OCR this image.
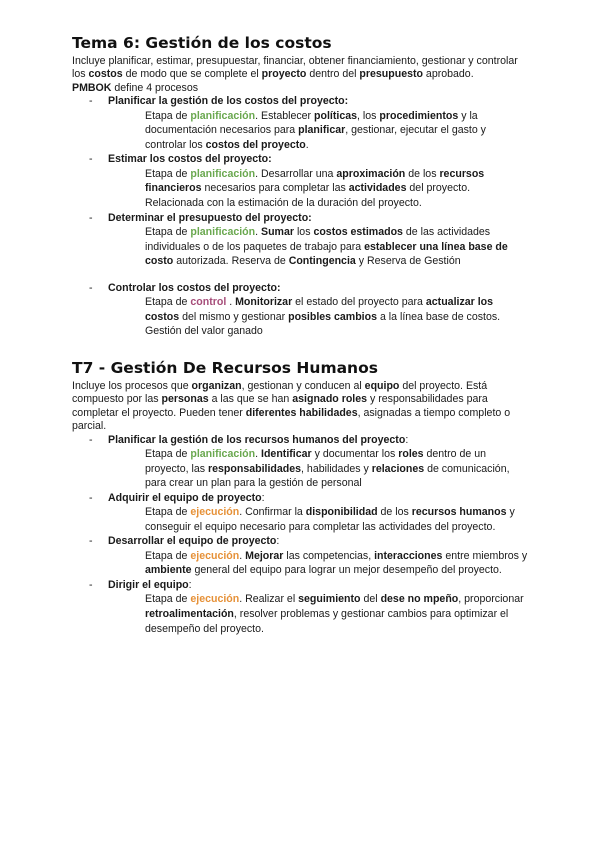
Tema 6: Gestión de los costos

Incluye planificar, estimar, presupuestar, financiar, obtener financiamiento, gestionar y controlar los costos de modo que se complete el proyecto dentro del presupuesto aprobado.

PMBOK define 4 procesos

- Planificar la gestión de los costos del proyecto:
Etapa de planificación. Establecer políticas, los procedimientos y la documentación necesarios para planificar, gestionar, ejecutar el gasto y controlar los costos del proyecto.
- Estimar los costos del proyecto:
Etapa de planificación. Desarrollar una aproximación de los recursos financieros necesarios para completar las actividades del proyecto. Relacionada con la estimación de la duración del proyecto.
- Determinar el presupuesto del proyecto:
Etapa de planificación. Sumar los costos estimados de las actividades individuales o de los paquetes de trabajo para establecer una línea base de costo autorizada. Reserva de Contingencia y Reserva de Gestión
- Controlar los costos del proyecto:
Etapa de control . Monitorizar el estado del proyecto para actualizar los costos del mismo y gestionar posibles cambios a la línea base de costos. Gestión del valor ganado
T7 - Gestión De Recursos Humanos

Incluye los procesos que organizan, gestionan y conducen al equipo del proyecto. Está compuesto por las personas a las que se han asignado roles y responsabilidades para completar el proyecto. Pueden tener diferentes habilidades, asignadas a tiempo completo o parcial.

- Planificar la gestión de los recursos humanos del proyecto:
Etapa de planificación. Identificar y documentar los roles dentro de un proyecto, las responsabilidades, habilidades y relaciones de comunicación, para crear un plan para la gestión de personal
- Adquirir el equipo de proyecto:
Etapa de ejecución. Confirmar la disponibilidad de los recursos humanos y conseguir el equipo necesario para completar las actividades del proyecto.
- Desarrollar el equipo de proyecto:
Etapa de ejecución. Mejorar las competencias, interacciones entre miembros y ambiente general del equipo para lograr un mejor desempeño del proyecto.
- Dirigir el equipo:
Etapa de ejecución. Realizar el seguimiento del dese no mpeño, proporcionar retroalimentación, resolver problemas y gestionar cambios para optimizar el desempeño del proyecto.
